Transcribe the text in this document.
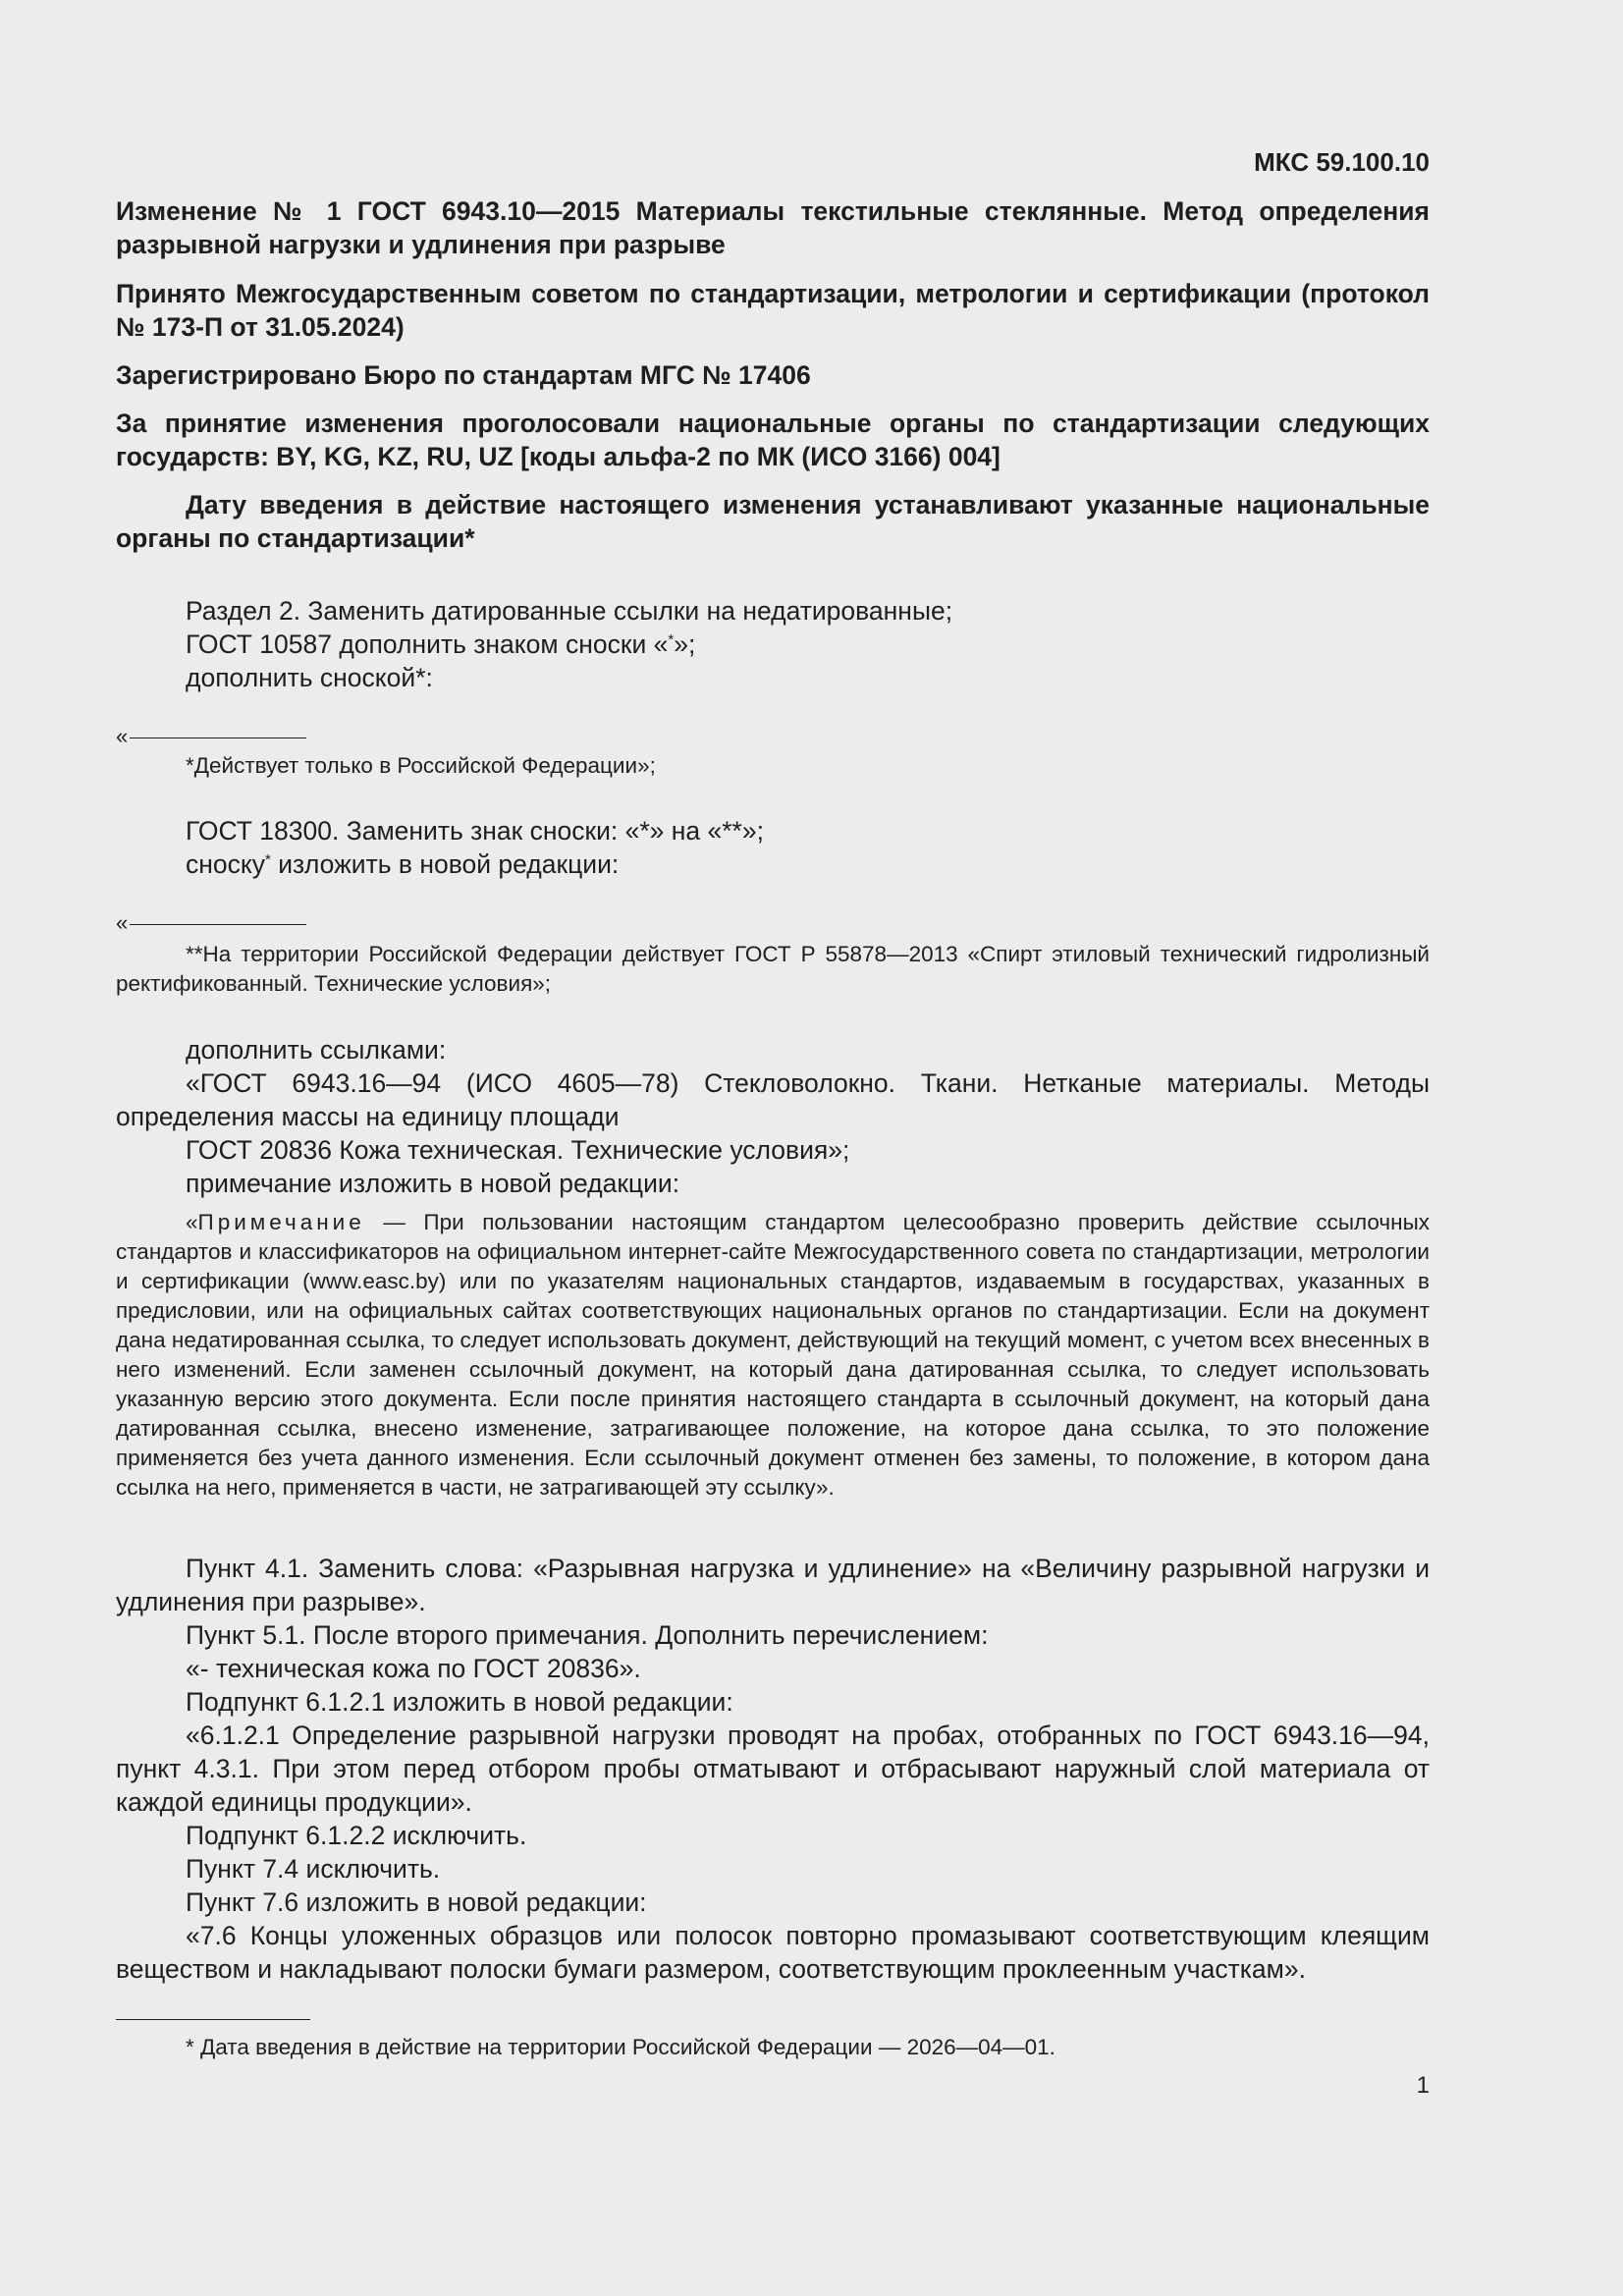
МКС 59.100.10
Изменение № 1 ГОСТ 6943.10—2015 Материалы текстильные стеклянные. Метод определения разрывной нагрузки и удлинения при разрыве
Принято Межгосударственным советом по стандартизации, метрологии и сертификации (протокол № 173-П от 31.05.2024)
Зарегистрировано Бюро по стандартам МГС № 17406
За принятие изменения проголосовали национальные органы по стандартизации следующих государств: BY, KG, KZ, RU, UZ [коды альфа-2 по МК (ИСО 3166) 004]
Дату введения в действие настоящего изменения устанавливают указанные национальные органы по стандартизации*

Раздел 2. Заменить датированные ссылки на недатированные;

ГОСТ 10587 дополнить знаком сноски «*»;

дополнить сноской*:

«

*Действует только в Российской Федерации»;

ГОСТ 18300. Заменить знак сноски: «*» на «**»;

сноску* изложить в новой редакции:

«

**На территории Российской Федерации действует ГОСТ Р 55878—2013 «Спирт этиловый технический гидролизный ректификованный. Технические условия»;

дополнить ссылками:

«ГОСТ 6943.16—94 (ИСО 4605—78) Стекловолокно. Ткани. Нетканые материалы. Методы определения массы на единицу площади

ГОСТ 20836 Кожа техническая. Технические условия»;

примечание изложить в новой редакции:

«Примечание — При пользовании настоящим стандартом целесообразно проверить действие ссылочных стандартов и классификаторов на официальном интернет-сайте Межгосударственного совета по стандартизации, метрологии и сертификации (www.easc.by) или по указателям национальных стандартов, издаваемым в государствах, указанных в предисловии, или на официальных сайтах соответствующих национальных органов по стандартизации. Если на документ дана недатированная ссылка, то следует использовать документ, действующий на текущий момент, с учетом всех внесенных в него изменений. Если заменен ссылочный документ, на который дана датированная ссылка, то следует использовать указанную версию этого документа. Если после принятия настоящего стандарта в ссылочный документ, на который дана датированная ссылка, внесено изменение, затрагивающее положение, на которое дана ссылка, то это положение применяется без учета данного изменения. Если ссылочный документ отменен без замены, то положение, в котором дана ссылка на него, применяется в части, не затрагивающей эту ссылку».

Пункт 4.1. Заменить слова: «Разрывная нагрузка и удлинение» на «Величину разрывной нагрузки и удлинения при разрыве».

Пункт 5.1. После второго примечания. Дополнить перечислением:

«- техническая кожа по ГОСТ 20836».

Подпункт 6.1.2.1 изложить в новой редакции:

«6.1.2.1 Определение разрывной нагрузки проводят на пробах, отобранных по ГОСТ 6943.16—94, пункт 4.3.1. При этом перед отбором пробы отматывают и отбрасывают наружный слой материала от каждой единицы продукции».

Подпункт 6.1.2.2 исключить.

Пункт 7.4 исключить.

Пункт 7.6 изложить в новой редакции:

«7.6 Концы уложенных образцов или полосок повторно промазывают соответствующим клеящим веществом и накладывают полоски бумаги размером, соответствующим проклеенным участкам».

* Дата введения в действие на территории Российской Федерации — 2026—04—01.

1
